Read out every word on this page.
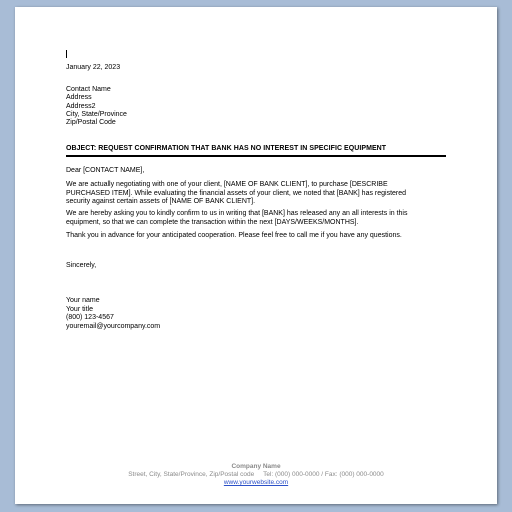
January 22, 2023
Contact Name
Address
Address2
City, State/Province
Zip/Postal Code
OBJECT: REQUEST CONFIRMATION THAT BANK HAS NO INTEREST IN SPECIFIC EQUIPMENT
Dear [CONTACT NAME],
We are actually negotiating with one of your client, [NAME OF BANK CLIENT], to purchase [DESCRIBE PURCHASED ITEM]. While evaluating the financial assets of your client, we noted that [BANK] has registered security against certain assets of [NAME OF BANK CLIENT].
We are hereby asking you to kindly confirm to us in writing that [BANK] has released any an all interests in this equipment, so that we can complete the transaction within the next [DAYS/WEEKS/MONTHS].
Thank you in advance for your anticipated cooperation. Please feel free to call me if you have any questions.
Sincerely,
Your name
Your title
(800) 123-4567
youremail@yourcompany.com
Company Name
Street, City, State/Province, Zip/Postal code     Tel: (000) 000-0000 / Fax: (000) 000-0000
www.yourwebsite.com
